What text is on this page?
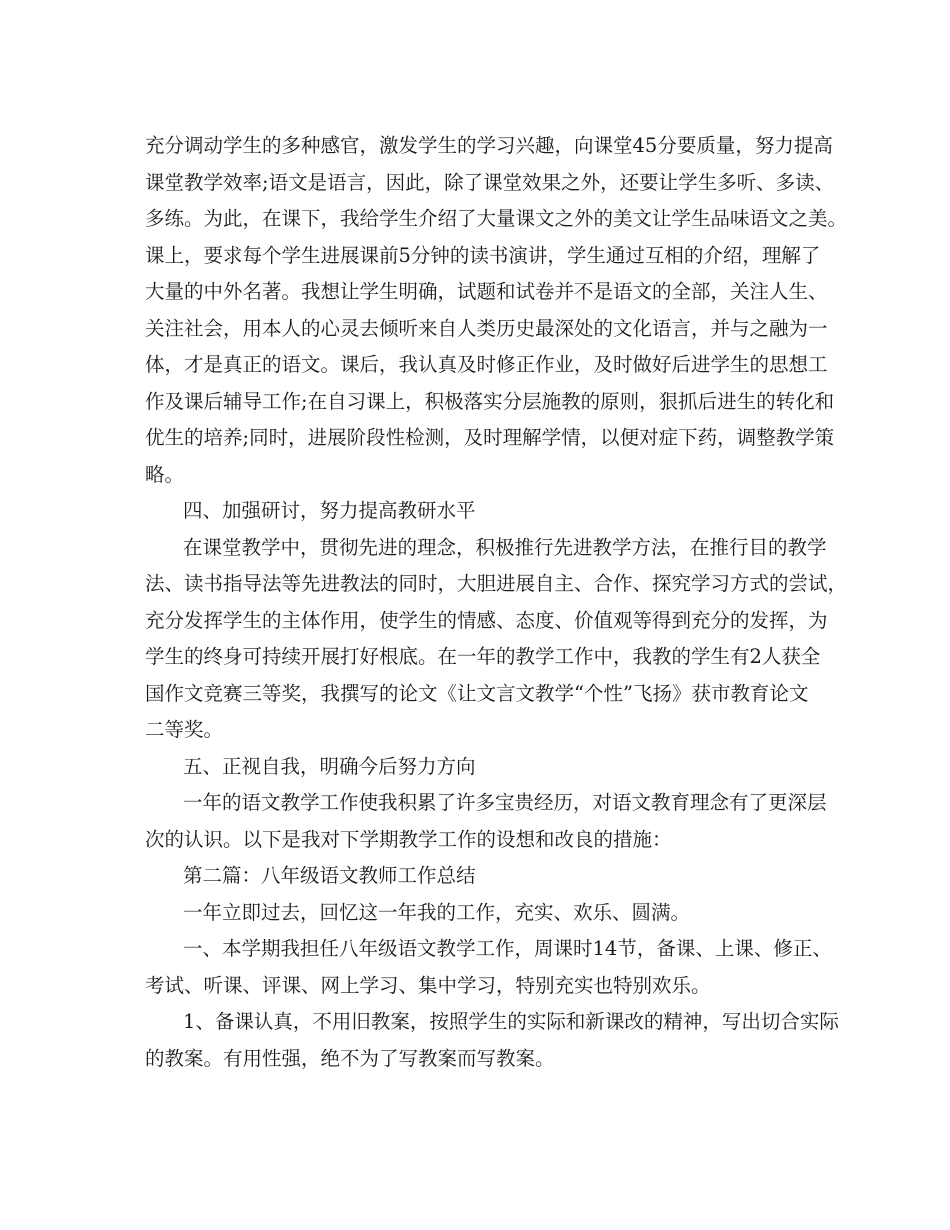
充分调动学生的多种感官，激发学生的学习兴趣，向课堂45分要质量，努力提高
课堂教学效率;语文是语言，因此，除了课堂效果之外，还要让学生多听、多读、
多练。为此，在课下，我给学生介绍了大量课文之外的美文让学生品味语文之美。
课上，要求每个学生进展课前5分钟的读书演讲，学生通过互相的介绍，理解了
大量的中外名著。我想让学生明确，试题和试卷并不是语文的全部，关注人生、
关注社会，用本人的心灵去倾听来自人类历史最深处的文化语言，并与之融为一
体，才是真正的语文。课后，我认真及时修正作业，及时做好后进学生的思想工
作及课后辅导工作;在自习课上，积极落实分层施教的原则，狠抓后进生的转化和
优生的培养;同时，进展阶段性检测，及时理解学情，以便对症下药，调整教学策
略。
四、加强研讨，努力提高教研水平
在课堂教学中，贯彻先进的理念，积极推行先进教学方法，在推行目的教学
法、读书指导法等先进教法的同时，大胆进展自主、合作、探究学习方式的尝试，
充分发挥学生的主体作用，使学生的情感、态度、价值观等得到充分的发挥，为
学生的终身可持续开展打好根底。在一年的教学工作中，我教的学生有2人获全
国作文竞赛三等奖，我撰写的论文《让文言文教学“个性”飞扬》获市教育论文
二等奖。
五、正视自我，明确今后努力方向
一年的语文教学工作使我积累了许多宝贵经历，对语文教育理念有了更深层
次的认识。以下是我对下学期教学工作的设想和改良的措施：
第二篇：八年级语文教师工作总结
一年立即过去，回忆这一年我的工作，充实、欢乐、圆满。
一、本学期我担任八年级语文教学工作，周课时14节，备课、上课、修正、
考试、听课、评课、网上学习、集中学习，特别充实也特别欢乐。
1、备课认真，不用旧教案，按照学生的实际和新课改的精神，写出切合实际
的教案。有用性强，绝不为了写教案而写教案。
